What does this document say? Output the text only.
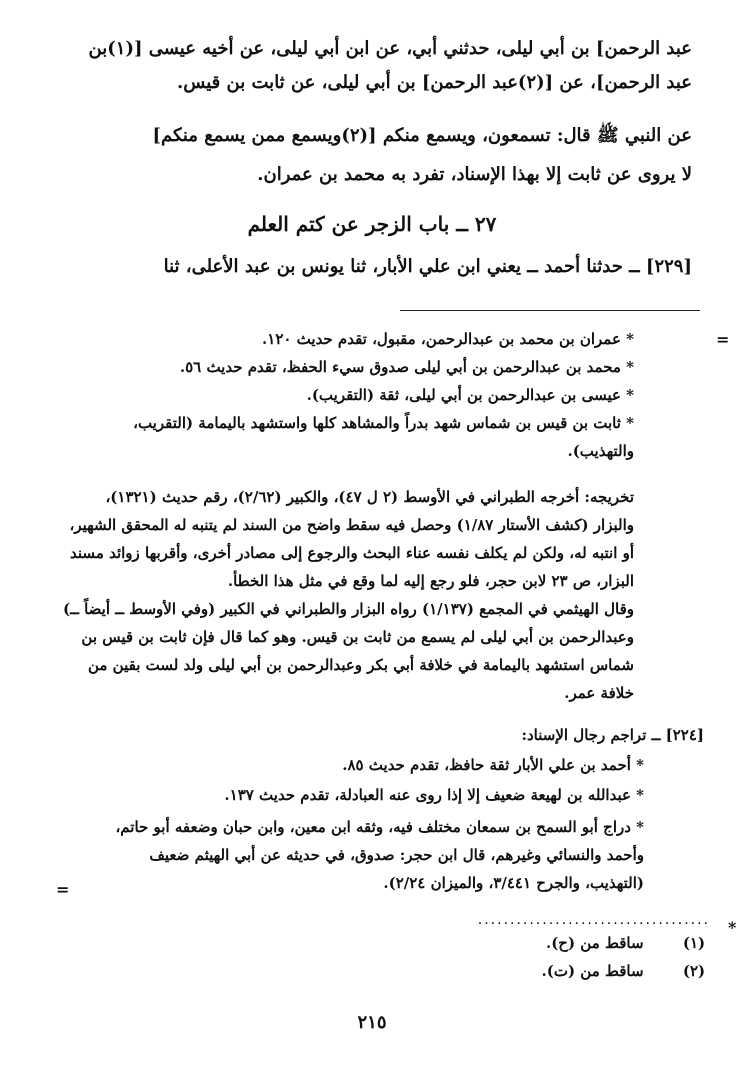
عبد الرحمن] بن أبي ليلى، حدثني أبي، عن ابن أبي ليلى، عن أخيه عيسى [(١)بن
عبد الرحمن]، عن [(٢)عبد الرحمن] بن أبي ليلى، عن ثابت بن قيس.
عن النبي ﷺ قال: تسمعون، ويسمع منكم [(٢)ويسمع ممن يسمع منكم]
لا يروى عن ثابت إلا بهذا الإسناد، تفرد به محمد بن عمران.
٢٧ ــ باب الزجر عن كتم العلم
[٢٢٩] ــ حدثنا أحمد ــ يعني ابن علي الأبار، ثنا يونس بن عبد الأعلى، ثنا
* عمران بن محمد بن عبدالرحمن، مقبول، تقدم حديث ١٢٠.
* محمد بن عبدالرحمن بن أبي ليلى صدوق سيء الحفظ، تقدم حديث ٥٦.
* عيسى بن عبدالرحمن بن أبي ليلى، ثقة (التقريب).
* ثابت بن قيس بن شماس شهد بدراً والمشاهد كلها واستشهد باليمامة (التقريب،
والتهذيب).
تخريجه: أخرجه الطبراني في الأوسط (٢ ل ٤٧)، والكبير (٢/٦٢)، رقم حديث (١٣٢١)،
والبزار (كشف الأستار ١/٨٧) وحصل فيه سقط واضح من السند لم يتنبه له المحقق الشهير،
أو انتبه له، ولكن لم يكلف نفسه عناء البحث والرجوع إلى مصادر أخرى، وأقربها زوائد مسند
البزار، ص ٢٣ لابن حجر، فلو رجع إليه لما وقع في مثل هذا الخطأ.
وقال الهيثمي في المجمع (١/١٣٧) رواه البزار والطبراني في الكبير (وفي الأوسط ــ أيضاً ــ)
وعبدالرحمن بن أبي ليلى لم يسمع من ثابت بن قيس. وهو كما قال فإن ثابت بن قيس بن
شماس استشهد باليمامة في خلافة أبي بكر وعبدالرحمن بن أبي ليلى ولد لست بقين من
خلافة عمر.
[٢٢٤] ــ تراجم رجال الإسناد:
* أحمد بن علي الأبار ثقة حافظ، تقدم حديث ٨٥.
* عبدالله بن لهيعة ضعيف إلا إذا روى عنه العبادلة، تقدم حديث ١٣٧.
* دراج أبو السمح بن سمعان مختلف فيه، وثقه ابن معين، وابن حبان وضعفه أبو حاتم،
وأحمد والنسائي وغيرهم، قال ابن حجر: صدوق، في حديثه عن أبي الهيثم ضعيف
(التهذيب، والجرح ٣/٤٤١، والميزان ٢/٢٤).
....................................
(١)  ساقط من (ح).
(٢)  ساقط من (ت).
٢١٥
=
=
*
